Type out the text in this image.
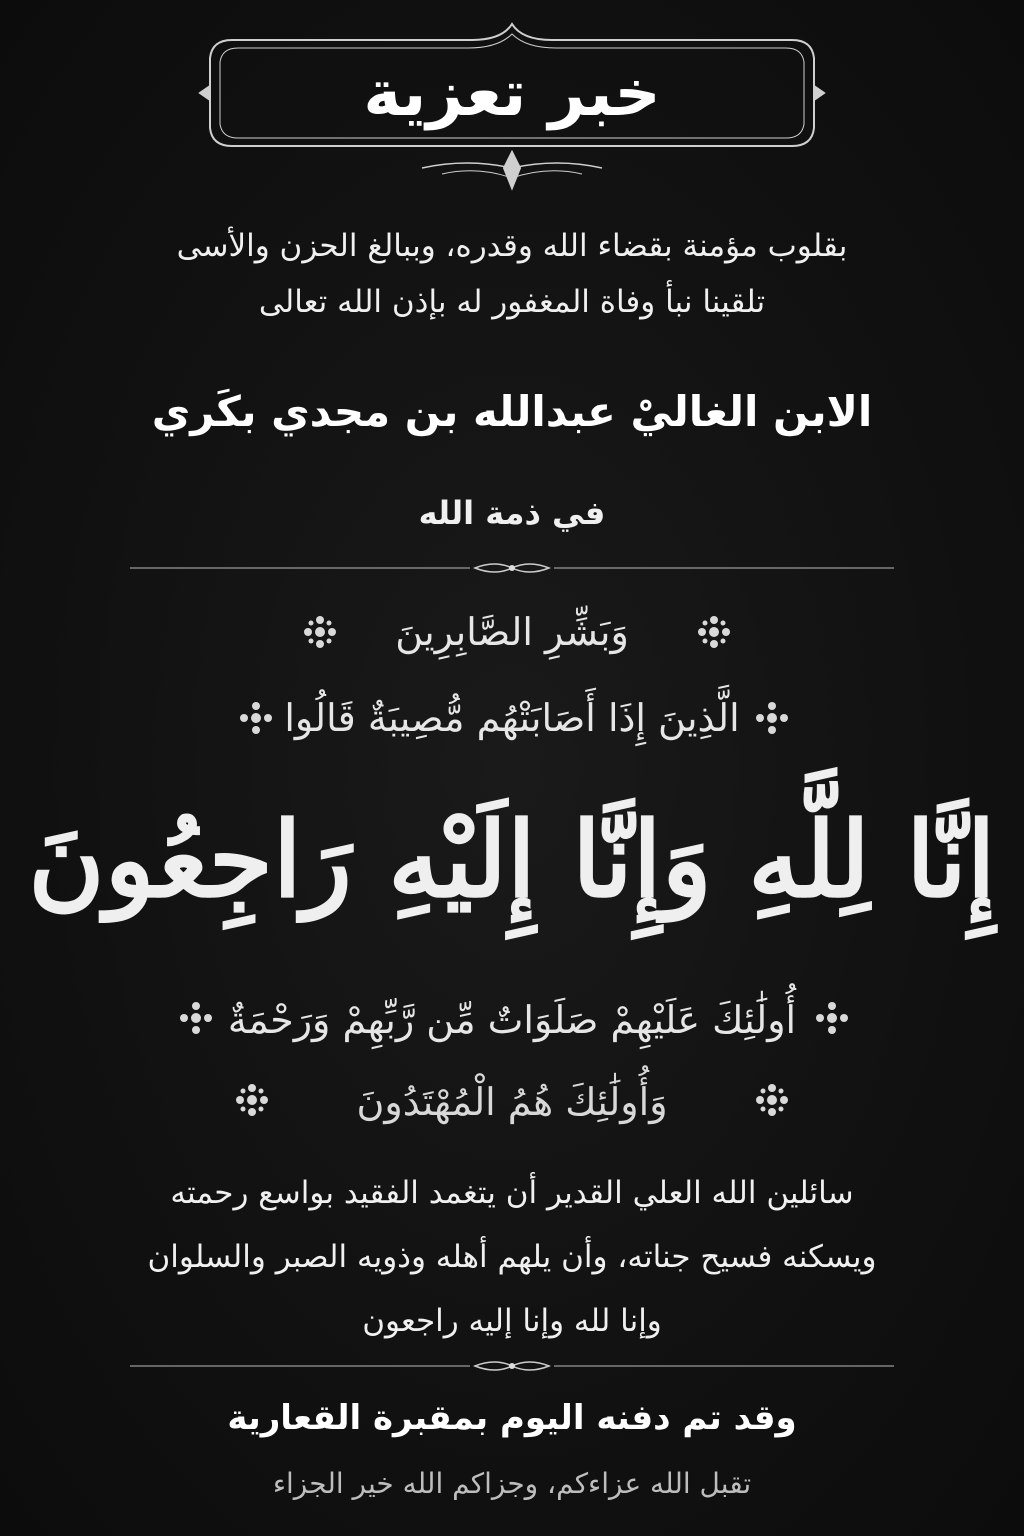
خبر تعزية
بقلوب مؤمنة بقضاء الله وقدره، وببالغ الحزن والأسى
تلقينا نبأ وفاة المغفور له بإذن الله تعالى
الابن الغاليْ عبدالله بن مجدي بكَري
في ذمة الله
وَبَشِّرِ الصَّابِرِينَ
الَّذِينَ إِذَا أَصَابَتْهُم مُّصِيبَةٌ قَالُوا
إِنَّا لِلَّهِ وَإِنَّا إِلَيْهِ رَاجِعُونَ
أُولَٰئِكَ عَلَيْهِمْ صَلَوَاتٌ مِّن رَّبِّهِمْ وَرَحْمَةٌ
وَأُولَٰئِكَ هُمُ الْمُهْتَدُونَ
سائلين الله العلي القدير أن يتغمد الفقيد بواسع رحمته
ويسكنه فسيح جناته، وأن يلهم أهله وذويه الصبر والسلوان
وإنا لله وإنا إليه راجعون
وقد تم دفنه اليوم بمقبرة القعارية
تقبل الله عزاءكم، وجزاكم الله خير الجزاء
